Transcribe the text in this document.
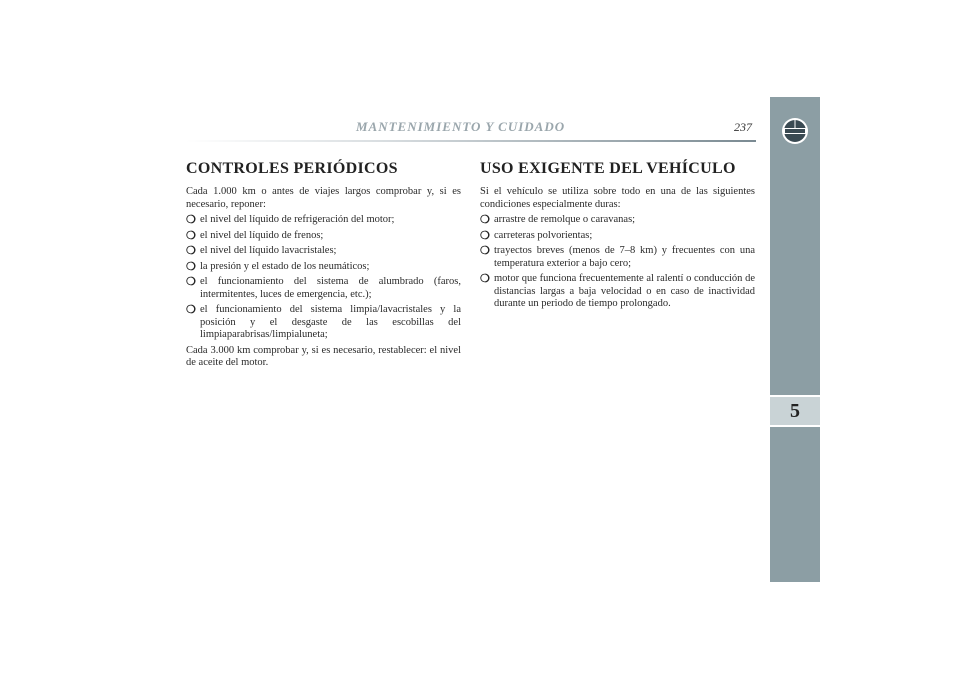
MANTENIMIENTO Y CUIDADO	237
5
CONTROLES PERIÓDICOS

Cada 1.000 km o antes de viajes largos comprobar y, si es necesario, reponer:

❍ el nivel del líquido de refrigeración del motor;
❍ el nivel del líquido de frenos;
❍ el nivel del líquido lavacristales;
❍ la presión y el estado de los neumáticos;
❍ el funcionamiento del sistema de alumbrado (faros, intermitentes, luces de emergencia, etc.);
❍ el funcionamiento del sistema limpia/lavacristales y la posición y el desgaste de las escobillas del limpiaparabrisas/limpialuneta;

Cada 3.000 km comprobar y, si es necesario, restablecer: el nivel de aceite del motor.

USO EXIGENTE DEL VEHÍCULO

Si el vehículo se utiliza sobre todo en una de las siguientes condiciones especialmente duras:

❍ arrastre de remolque o caravanas;
❍ carreteras polvorientas;
❍ trayectos breves (menos de 7–8 km) y frecuentes con una temperatura exterior a bajo cero;
❍ motor que funciona frecuentemente al ralentí o conducción de distancias largas a baja velocidad o en caso de inactividad durante un periodo de tiempo prolongado.
